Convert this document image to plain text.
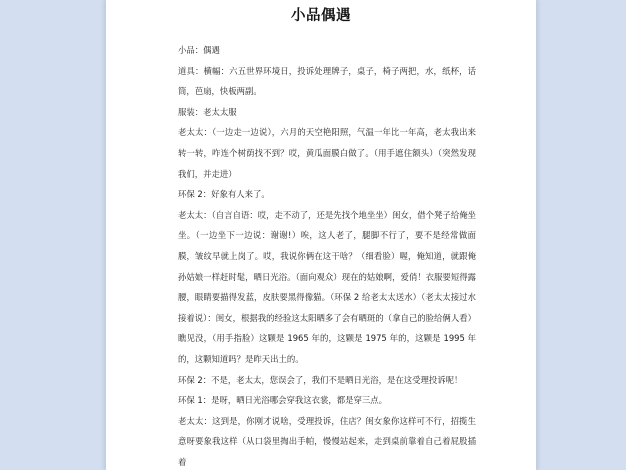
小品偶遇

小品：偶遇

道具：横幅：六五世界环境日，投诉处理牌子，桌子，椅子两把，水，纸杯，话筒，芭扇，快板两副。

服装：老太太服

老太太：（一边走一边说），六月的天空艳阳照，气温一年比一年高，老太我出来转一转，咋连个树荫找不到？哎，黄瓜面膜白做了。（用手遮住额头）（突然发现我们，并走进）

环保 2：好象有人来了。

老太太：（自言自语：哎，走不动了，还是先找个地坐坐）闺女，借个凳子给俺坐坐。（一边坐下一边说：谢谢!）唉，这人老了，腿脚不行了，要不是经常做面膜，皱纹早就上岗了。哎，我说你俩在这干啥？（细看脸）喔，俺知道，就跟俺孙姑娘一样赶时髦，晒日光浴。（面向观众）现在的姑娘啊，爱俏！衣服要短得露腰，眼睛要描得发蓝，皮肤要黑得像猫。（环保 2 给老太太送水）（老太太接过水接着说）：闺女，根据我的经验这太阳晒多了会有晒斑的（拿自己的脸给俩人看）瞧见没，（用手指脸）这颗是 1965 年的，这颗是 1975 年的，这颗是 1995 年的，这颗知道吗？是昨天出土的。

环保 2：不是，老太太，您误会了，我们不是晒日光浴，是在这受理投诉呢！

环保 1：是呀，晒日光浴哪会穿我这衣裳，都是穿三点。

老太太：这到是，你刚才说啥，受理投诉，住店？闺女象你这样可不行，招揽生意呀要象我这样（从口袋里掏出手帕，慢慢站起来，走到桌前靠着自己着屁股插着
